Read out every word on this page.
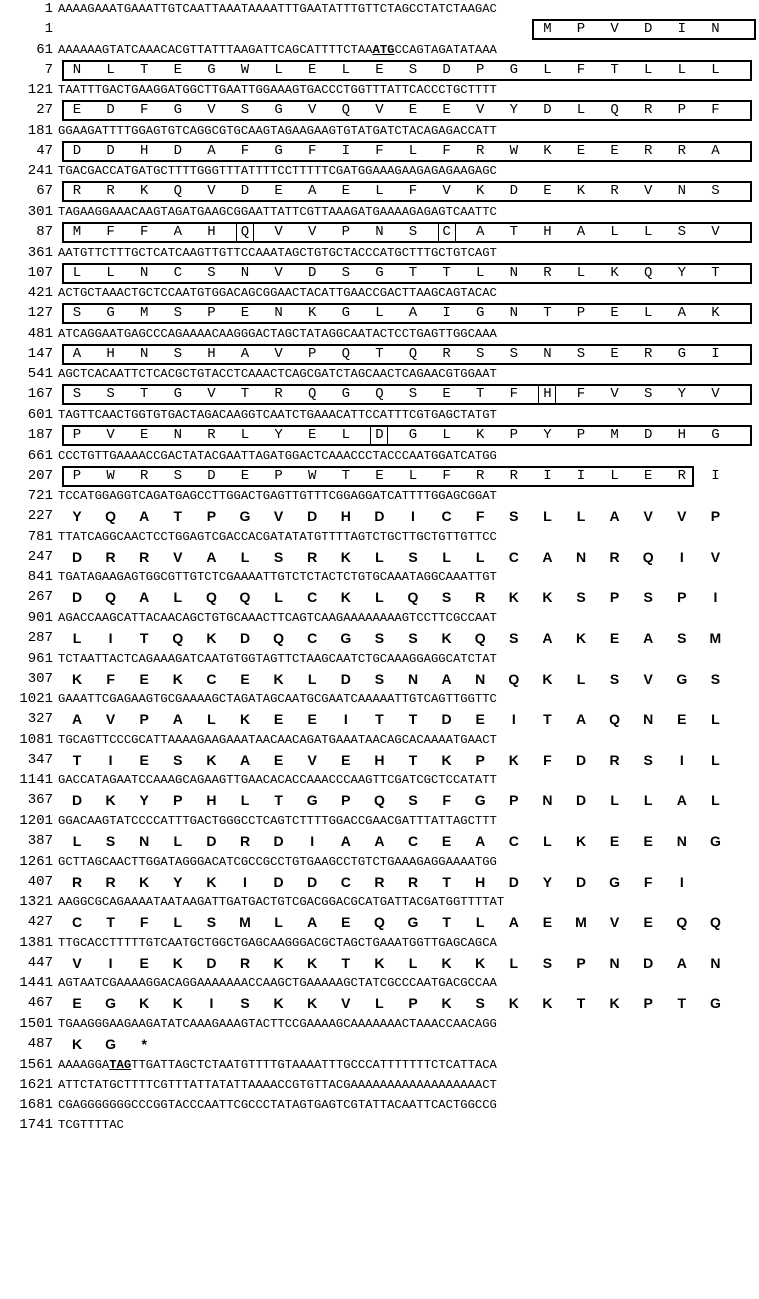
1 AAAAGAAATGAAATTGTCAATTAAATAAAATTTGAATATTTGTTCTAGCCTATCTAAGAC
1	M	P	V	D	I	N
61 AAAAAAGTATCAAACACGTTATTTAAGATTCAGCATTTTCTAAATGCCAGTAGATATAAA
7	N	L	T	E	G	W	L	E	L	E	S	D	P	G	L	F	T	L	L	L
121 TAATTTGACTGAAGGATGGCTTGAATTGGAAAGTGACCCTGGTTTATTCACCCTGCTTTT
27	E	D	F	G	V	S	G	V	Q	V	E	E	V	Y	D	L	Q	R	P	F
181 GGAAGATTTTGGAGTGTCAGGCGTGCAAGTAGAAGAAGTGTATGATCTACAGAGACCATT
47	D	D	H	D	A	F	G	F	I	F	L	F	R	W	K	E	E	R	R	A
241 TGACGACCATGATGCTTTTGGGTTTATTTTCCTTTTTCGATGGAAAGAAGAGAGAAGAGC
67	R	R	K	Q	V	D	E	A	E	L	F	V	K	D	E	K	R	V	N	S
301 TAGAAGGAAACAAGTAGATGAAGCGGAATTATTCGTTAAAGATGAAAAGAGAGTCAATTC
87	M	F	F	A	H	Q	V	V	P	N	S	C	A	T	H	A	L	L	S	V
361 AATGTTCTTTGCTCATCAAGTTGTTCCAAATAGCTGTGCTACCCATGCTTTGCTGTCAGT
107	L	L	N	C	S	N	V	D	S	G	T	T	L	N	R	L	K	Q	Y	T
421 ACTGCTAAACTGCTCCAATGTGGACAGCGGAACTACATTGAACCGACTTAAGCAGTACAC
127	S	G	M	S	P	E	N	K	G	L	A	I	G	N	T	P	E	L	A	K
481 ATCAGGAATGAGCCCAGAAAACAAGGGACTAGCTATAGGCAATACTCCTGAGTTGGCAAA
147	A	H	N	S	H	A	V	P	Q	T	Q	R	S	S	N	S	E	R	G	I
541 AGCTCACAATTCTCACGCTGTACCTCAAACTCAGCGATCTAGCAACTCAGAACGTGGAAT
167	S	S	T	G	V	T	R	Q	G	Q	S	E	T	F	H	F	V	S	Y	V
601 TAGTTCAACTGGTGTGACTAGACAAGGTCAATCTGAAACATTCCATTTCGTGAGCTATGT
187	P	V	E	N	R	L	Y	E	L	D	G	L	K	P	Y	P	M	D	H	G
661 CCCTGTTGAAAACCGACTATACGAATTAGATGGACTCAAACCCTACCCAATGGATCATGG
207	P	W	R	S	D	E	P	W	T	E	L	F	R	R	I	I	L	E	R	I
721 TCCATGGAGGTCAGATGAGCCTTGGACTGAGTTGTTTCGGAGGATCATTTTGGAGCGGAT
227	Y	Q	A	T	P	G	V	D	H	D	I	C	F	S	L	L	A	V	V	P
781 TTATCAGGCAACTCCTGGAGTCGACCACGATATATGTTTTAGTCTGCTTGCTGTTGTTCC
247	D	R	R	V	A	L	S	R	K	L	S	L	L	C	A	N	R	Q	I	V
841 TGATAGAAGAGTGGCGTTGTCTCGAAAATTGTCTCTACTCTGTGCAAATAGGCAAATTGT
267	D	Q	A	L	Q	Q	L	C	K	L	Q	S	R	K	K	S	P	S	P	I
901 AGACCAAGCATTACAACAGCTGTGCAAACTTCAGTCAAGAAAAAAAAGTCCTTCGCCAAT
287	L	I	T	Q	K	D	Q	C	G	S	S	K	Q	S	A	K	E	A	S	M
961 TCTAATTACTCAGAAAGATCAATGTGGTAGTTCTAAGCAATCTGCAAAGGAGGCATCTAT
307	K	F	E	K	C	E	K	L	D	S	N	A	N	Q	K	L	S	V	G	S
1021 GAAATTCGAGAAGTGCGAAAAGCTAGATAGCAATGCGAATCAAAAATTGTCAGTTGGTTC
327	A	V	P	A	L	K	E	E	I	T	T	D	E	I	T	A	Q	N	E	L
1081 TGCAGTTCCCGCATTAAAAGAAGAAATAACAACAGATGAAATAACAGCACAAAATGAACT
347	T	I	E	S	K	A	E	V	E	H	T	K	P	K	F	D	R	S	I	L
1141 GACCATAGAATCCAAAGCAGAAGTTGAACACACCAAACCCAAGTTCGATCGCTCCATATT
367	D	K	Y	P	H	L	T	G	P	Q	S	F	G	P	N	D	L	L	A	L
1201 GGACAAGTATCCCCATTTGACTGGGCCTCAGTCTTTTGGACCGAACGATTTATTAGCTTT
387	L	S	N	L	D	R	D	I	A	A	C	E	A	C	L	K	E	E	N	G
1261 GCTTAGCAACTTGGATAGGGACATCGCCGCCTGTGAAGCCTGTCTGAAAGAGGAAAATGG
407	R	R	K	Y	K	I	D	D	C	R	R	T	H	D	Y	D	G	F	I
1321 AAGGCGCAGAAAATAATAAGATTGATGACTGTCGACGGACGCATGATTACGATGGTTTTAT
427	C	T	F	L	S	M	L	A	E	Q	G	T	L	A	E	M	V	E	Q	Q
1381 TTGCACCTTTTTGTCAATGCTGGCTGAGCAAGGGACGCTAGCTGAAATGGTTGAGCAGCA
447	V	I	E	K	D	R	K	K	T	K	L	K	K	L	S	P	N	D	A	N
1441 AGTAATCGAAAAGGACAGGAAAAAAACCAAGCTGAAAAAGCTATCGCCCAATGACGCCAA
467	E	G	K	K	I	S	K	K	V	L	P	K	S	K	K	T	K	P	T	G
1501 TGAAGGGAAGAAGATATCAAAGAAAGTACTTCCGAAAAGCAAAAAAACTAAACCAACAGG
487	K	G	*
1561 AAAAGGATAGTTGATTAGCTCTAATGTTTTGTAAAATTTGCCCATTTTTTTCTCATTACA
1621 ATTCTATGCTTTTCGTTTATTATATTAAAACCGTGTTACGAAAAAAAAAAAAAAAAAACT
1681 CGAGGGGGGGCCCGGTACCCAATTCGCCCTATAGTGAGTCGTATTACAATTCACTGGCCG
1741 TCGTTTTAC
